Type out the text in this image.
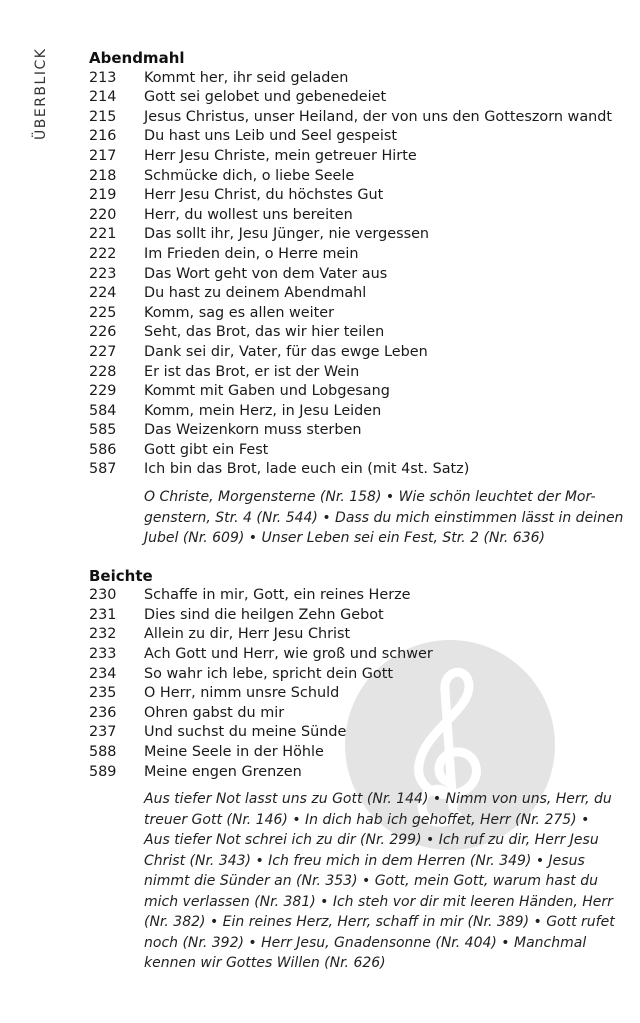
ÜBERBLICK	Abendmahl
213	Kommt her, ihr seid geladen
214	Gott sei gelobet und gebenedeiet
215	Jesus Christus, unser Heiland, der von uns den Gotteszorn wandt
216	Du hast uns Leib und Seel gespeist
217	Herr Jesu Christe, mein getreuer Hirte
218	Schmücke dich, o liebe Seele
219	Herr Jesu Christ, du höchstes Gut
220	Herr, du wollest uns bereiten
221	Das sollt ihr, Jesu Jünger, nie vergessen
222	Im Frieden dein, o Herre mein
223	Das Wort geht von dem Vater aus
224	Du hast zu deinem Abendmahl
225	Komm, sag es allen weiter
226	Seht, das Brot, das wir hier teilen
227	Dank sei dir, Vater, für das ewge Leben
228	Er ist das Brot, er ist der Wein
229	Kommt mit Gaben und Lobgesang
584	Komm, mein Herz, in Jesu Leiden
585	Das Weizenkorn muss sterben
586	Gott gibt ein Fest
587	Ich bin das Brot, lade euch ein (mit 4st. Satz)
O Christe, Morgensterne (Nr. 158) • Wie schön leuchtet der Mor-
genstern, Str. 4 (Nr. 544) • Dass du mich einstimmen lässt in deinen
Jubel (Nr. 609) • Unser Leben sei ein Fest, Str. 2 (Nr. 636)
Beichte
230	Schaffe in mir, Gott, ein reines Herze
231	Dies sind die heilgen Zehn Gebot
232	Allein zu dir, Herr Jesu Christ
233	Ach Gott und Herr, wie groß und schwer
234	So wahr ich lebe, spricht dein Gott
235	O Herr, nimm unsre Schuld
236	Ohren gabst du mir
237	Und suchst du meine Sünde
588	Meine Seele in der Höhle
589	Meine engen Grenzen
Aus tiefer Not lasst uns zu Gott (Nr. 144) • Nimm von uns, Herr, du
treuer Gott (Nr. 146) • In dich hab ich gehoffet, Herr (Nr. 275) •
Aus tiefer Not schrei ich zu dir (Nr. 299) • Ich ruf zu dir, Herr Jesu
Christ (Nr. 343) • Ich freu mich in dem Herren (Nr. 349) • Jesus
nimmt die Sünder an (Nr. 353) • Gott, mein Gott, warum hast du
mich verlassen (Nr. 381) • Ich steh vor dir mit leeren Händen, Herr
(Nr. 382) • Ein reines Herz, Herr, schaff in mir (Nr. 389) • Gott rufet
noch (Nr. 392) • Herr Jesu, Gnadensonne (Nr. 404) • Manchmal
kennen wir Gottes Willen (Nr. 626)
